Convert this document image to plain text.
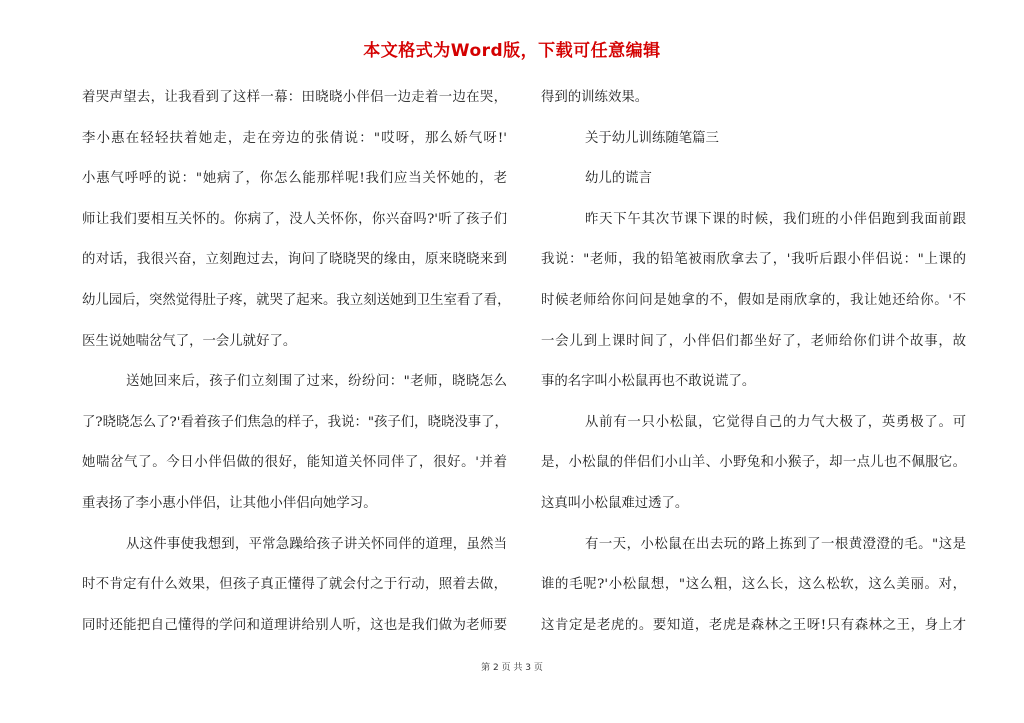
本文格式为Word版，下载可任意编辑
着哭声望去，让我看到了这样一幕：田晓晓小伴侣一边走着一边在哭，
李小惠在轻轻扶着她走，走在旁边的张倩说："哎呀，那么娇气呀!'
小惠气呼呼的说："她病了，你怎么能那样呢!我们应当关怀她的，老
师让我们要相互关怀的。你病了，没人关怀你，你兴奋吗?'听了孩子们
的对话，我很兴奋，立刻跑过去，询问了晓晓哭的缘由，原来晓晓来到
幼儿园后，突然觉得肚子疼，就哭了起来。我立刻送她到卫生室看了看，
医生说她喘岔气了，一会儿就好了。
送她回来后，孩子们立刻围了过来，纷纷问："老师，晓晓怎么
了?晓晓怎么了?'看着孩子们焦急的样子，我说："孩子们，晓晓没事了，
她喘岔气了。今日小伴侣做的很好，能知道关怀同伴了，很好。'并着
重表扬了李小惠小伴侣，让其他小伴侣向她学习。
从这件事使我想到，平常急躁给孩子讲关怀同伴的道理，虽然当
时不肯定有什么效果，但孩子真正懂得了就会付之于行动，照着去做，
同时还能把自己懂得的学问和道理讲给别人听，这也是我们做为老师要
得到的训练效果。
关于幼儿训练随笔篇三
幼儿的谎言
昨天下午其次节课下课的时候，我们班的小伴侣跑到我面前跟
我说："老师，我的铅笔被雨欣拿去了，'我听后跟小伴侣说："上课的
时候老师给你问问是她拿的不，假如是雨欣拿的，我让她还给你。'不
一会儿到上课时间了，小伴侣们都坐好了，老师给你们讲个故事，故
事的名字叫小松鼠再也不敢说谎了。
从前有一只小松鼠，它觉得自己的力气大极了，英勇极了。可
是，小松鼠的伴侣们小山羊、小野兔和小猴子，却一点儿也不佩服它。
这真叫小松鼠难过透了。
有一天，小松鼠在出去玩的路上拣到了一根黄澄澄的毛。"这是
谁的毛呢?'小松鼠想，"这么粗，这么长，这么松软，这么美丽。对，
这肯定是老虎的。要知道，老虎是森林之王呀!只有森林之王，身上才
第 2 页 共 3 页
